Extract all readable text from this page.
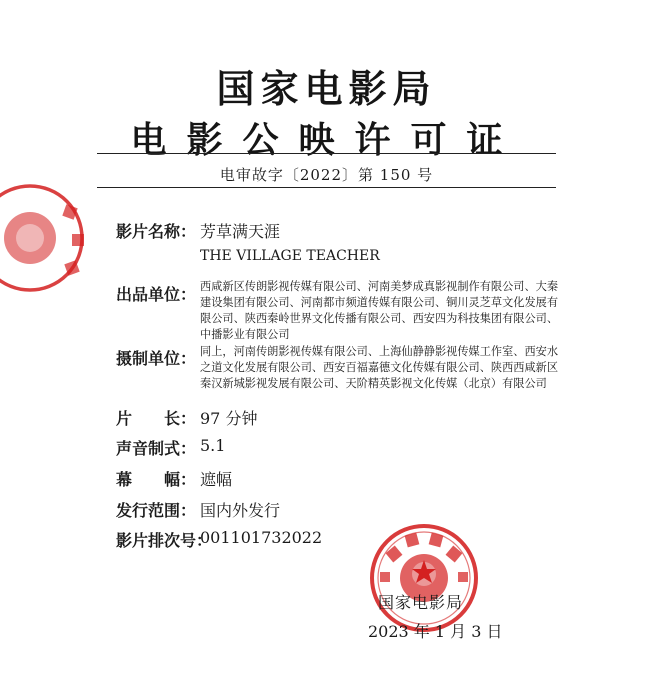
国家电影局
电影公映许可证
电审故字〔2022〕第 150 号
影片名称： 芳草满天涯
THE VILLAGE TEACHER
出品单位： 西咸新区传朗影视传媒有限公司、河南美梦成真影视制作有限公司、大秦建设集团有限公司、河南都市频道传媒有限公司、铜川灵芝草文化发展有限公司、陕西秦岭世界文化传播有限公司、西安四为科技集团有限公司、中播影业有限公司
摄制单位： 同上，河南传朗影视传媒有限公司、上海仙静静影视传媒工作室、西安水之道文化发展有限公司、西安百福嘉德文化传媒有限公司、陕西西咸新区秦汉新城影视发展有限公司、天阶精英影视文化传媒（北京）有限公司
片　　长： 97 分钟
声音制式： 5.1
幕　　幅： 遮幅
发行范围： 国内外发行
影片排次号：
001101732022
国家电影局
2023 年 1 月 3 日
